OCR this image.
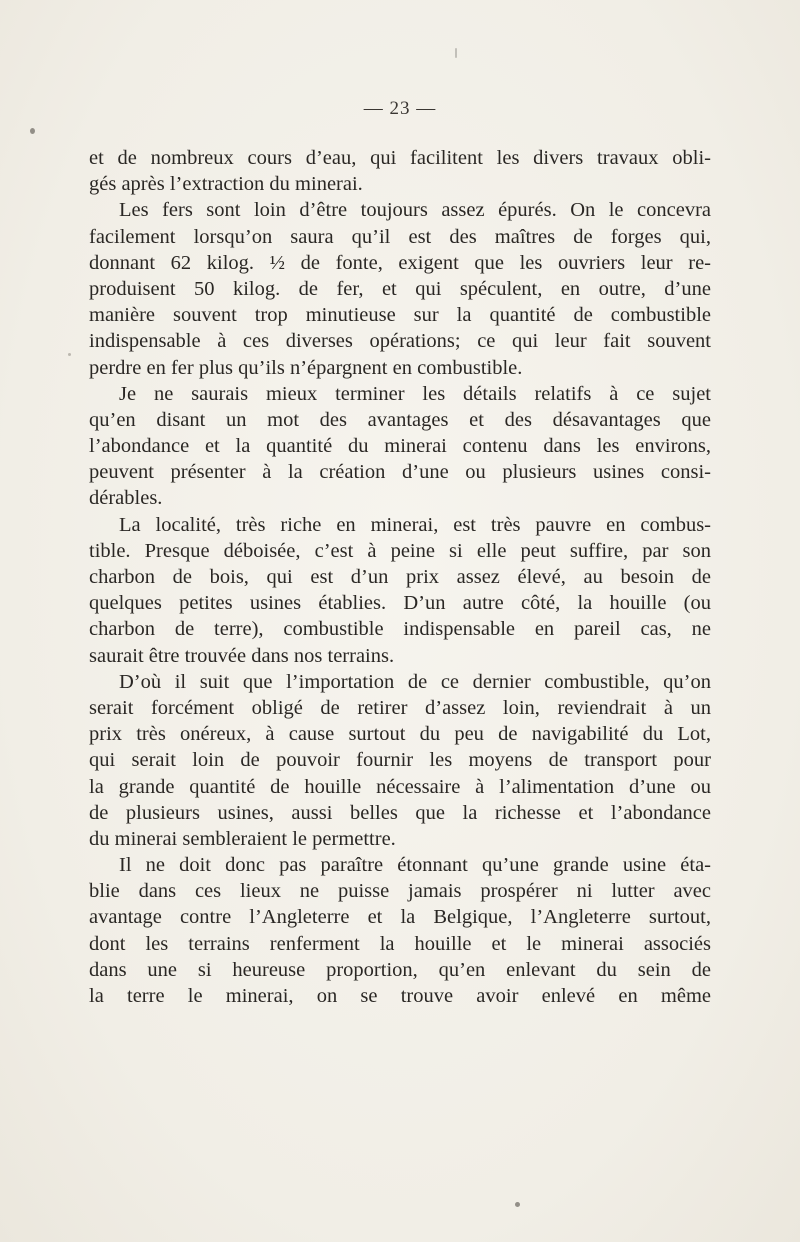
— 23 —
et de nombreux cours d’eau, qui facilitent les divers travaux obli-
gés après l’extraction du minerai.
Les fers sont loin d’être toujours assez épurés. On le concevra
facilement lorsqu’on saura qu’il est des maîtres de forges qui,
donnant 62 kilog. ½ de fonte, exigent que les ouvriers leur re-
produisent 50 kilog. de fer, et qui spéculent, en outre, d’une
manière souvent trop minutieuse sur la quantité de combustible
indispensable à ces diverses opérations; ce qui leur fait souvent
perdre en fer plus qu’ils n’épargnent en combustible.
Je ne saurais mieux terminer les détails relatifs à ce sujet
qu’en disant un mot des avantages et des désavantages que
l’abondance et la quantité du minerai contenu dans les environs,
peuvent présenter à la création d’une ou plusieurs usines consi-
dérables.
La localité, très riche en minerai, est très pauvre en combus-
tible. Presque déboisée, c’est à peine si elle peut suffire, par son
charbon de bois, qui est d’un prix assez élevé, au besoin de
quelques petites usines établies. D’un autre côté, la houille (ou
charbon de terre), combustible indispensable en pareil cas, ne
saurait être trouvée dans nos terrains.
D’où il suit que l’importation de ce dernier combustible, qu’on
serait forcément obligé de retirer d’assez loin, reviendrait à un
prix très onéreux, à cause surtout du peu de navigabilité du Lot,
qui serait loin de pouvoir fournir les moyens de transport pour
la grande quantité de houille nécessaire à l’alimentation d’une ou
de plusieurs usines, aussi belles que la richesse et l’abondance
du minerai sembleraient le permettre.
Il ne doit donc pas paraître étonnant qu’une grande usine éta-
blie dans ces lieux ne puisse jamais prospérer ni lutter avec
avantage contre l’Angleterre et la Belgique, l’Angleterre surtout,
dont les terrains renferment la houille et le minerai associés
dans une si heureuse proportion, qu’en enlevant du sein de
la terre le minerai, on se trouve avoir enlevé en même
